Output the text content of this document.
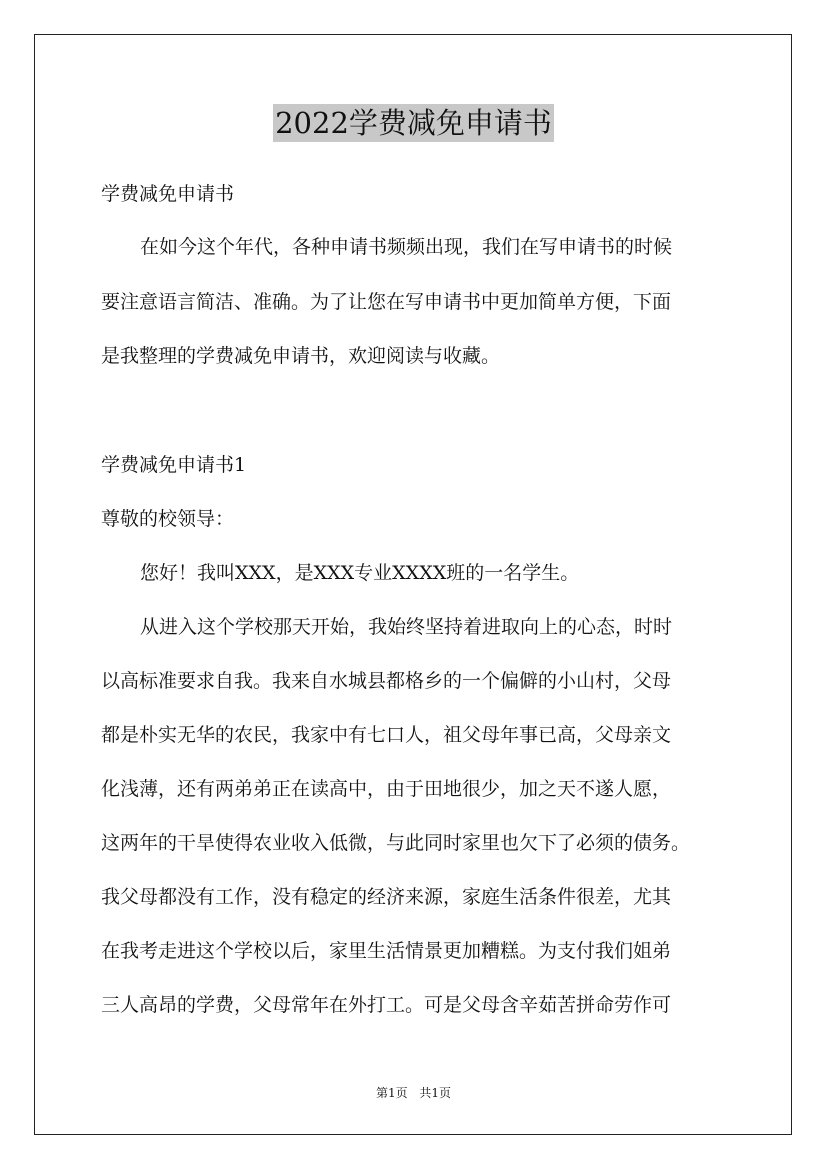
2022学费减免申请书
学费减免申请书
在如今这个年代，各种申请书频频出现，我们在写申请书的时候
要注意语言简洁、准确。为了让您在写申请书中更加简单方便，下面
是我整理的学费减免申请书，欢迎阅读与收藏。
学费减免申请书1
尊敬的校领导：
您好！我叫XXX，是XXX专业XXXX班的一名学生。
从进入这个学校那天开始，我始终坚持着进取向上的心态，时时
以高标准要求自我。我来自水城县都格乡的一个偏僻的小山村，父母
都是朴实无华的农民，我家中有七口人，祖父母年事已高，父母亲文
化浅薄，还有两弟弟正在读高中，由于田地很少，加之天不遂人愿，
这两年的干旱使得农业收入低微，与此同时家里也欠下了必须的债务。
我父母都没有工作，没有稳定的经济来源，家庭生活条件很差，尤其
在我考走进这个学校以后，家里生活情景更加糟糕。为支付我们姐弟
三人高昂的学费，父母常年在外打工。可是父母含辛茹苦拼命劳作可
第1页 共1页
